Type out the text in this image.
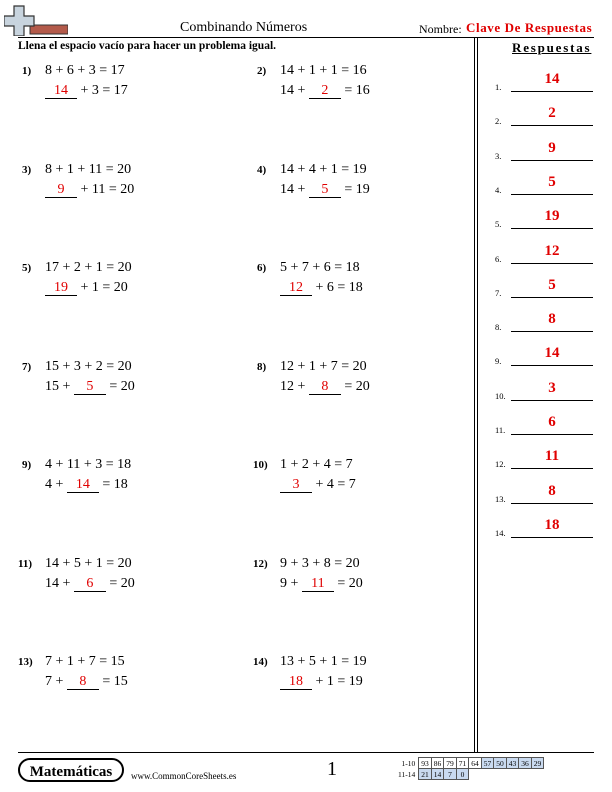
Combinando Números	Nombre: Clave De Respuestas
Llena el espacio vacío para hacer un problema igual.	Respuestas
1) 8 + 6 + 3 = 17
14 + 3 = 17
2) 14 + 1 + 1 = 16
14 + 2 = 16
3) 8 + 1 + 11 = 20
9 + 11 = 20
4) 14 + 4 + 1 = 19
14 + 5 = 19
5) 17 + 2 + 1 = 20
19 + 1 = 20
6) 5 + 7 + 6 = 18
12 + 6 = 18
7) 15 + 3 + 2 = 20
15 + 5 = 20
8) 12 + 1 + 7 = 20
12 + 8 = 20
9) 4 + 11 + 3 = 18
4 + 14 = 18
10) 1 + 2 + 4 = 7
3 + 4 = 7
11) 14 + 5 + 1 = 20
14 + 6 = 20
12) 9 + 3 + 8 = 20
9 + 11 = 20
13) 7 + 1 + 7 = 15
7 + 8 = 15
14) 13 + 5 + 1 = 19
18 + 1 = 19
1.	14
2.	2
3.	9
4.	5
5.	19
6.	12
7.	5
8.	8
9.	14
10.	3
11.	6
12.	11
13.	8
14.	18
Matemáticas	www.CommonCoreSheets.es	1	1-10	93	86	79	71	64	57	50	43	36	29
11-14	21	14	7	0						
